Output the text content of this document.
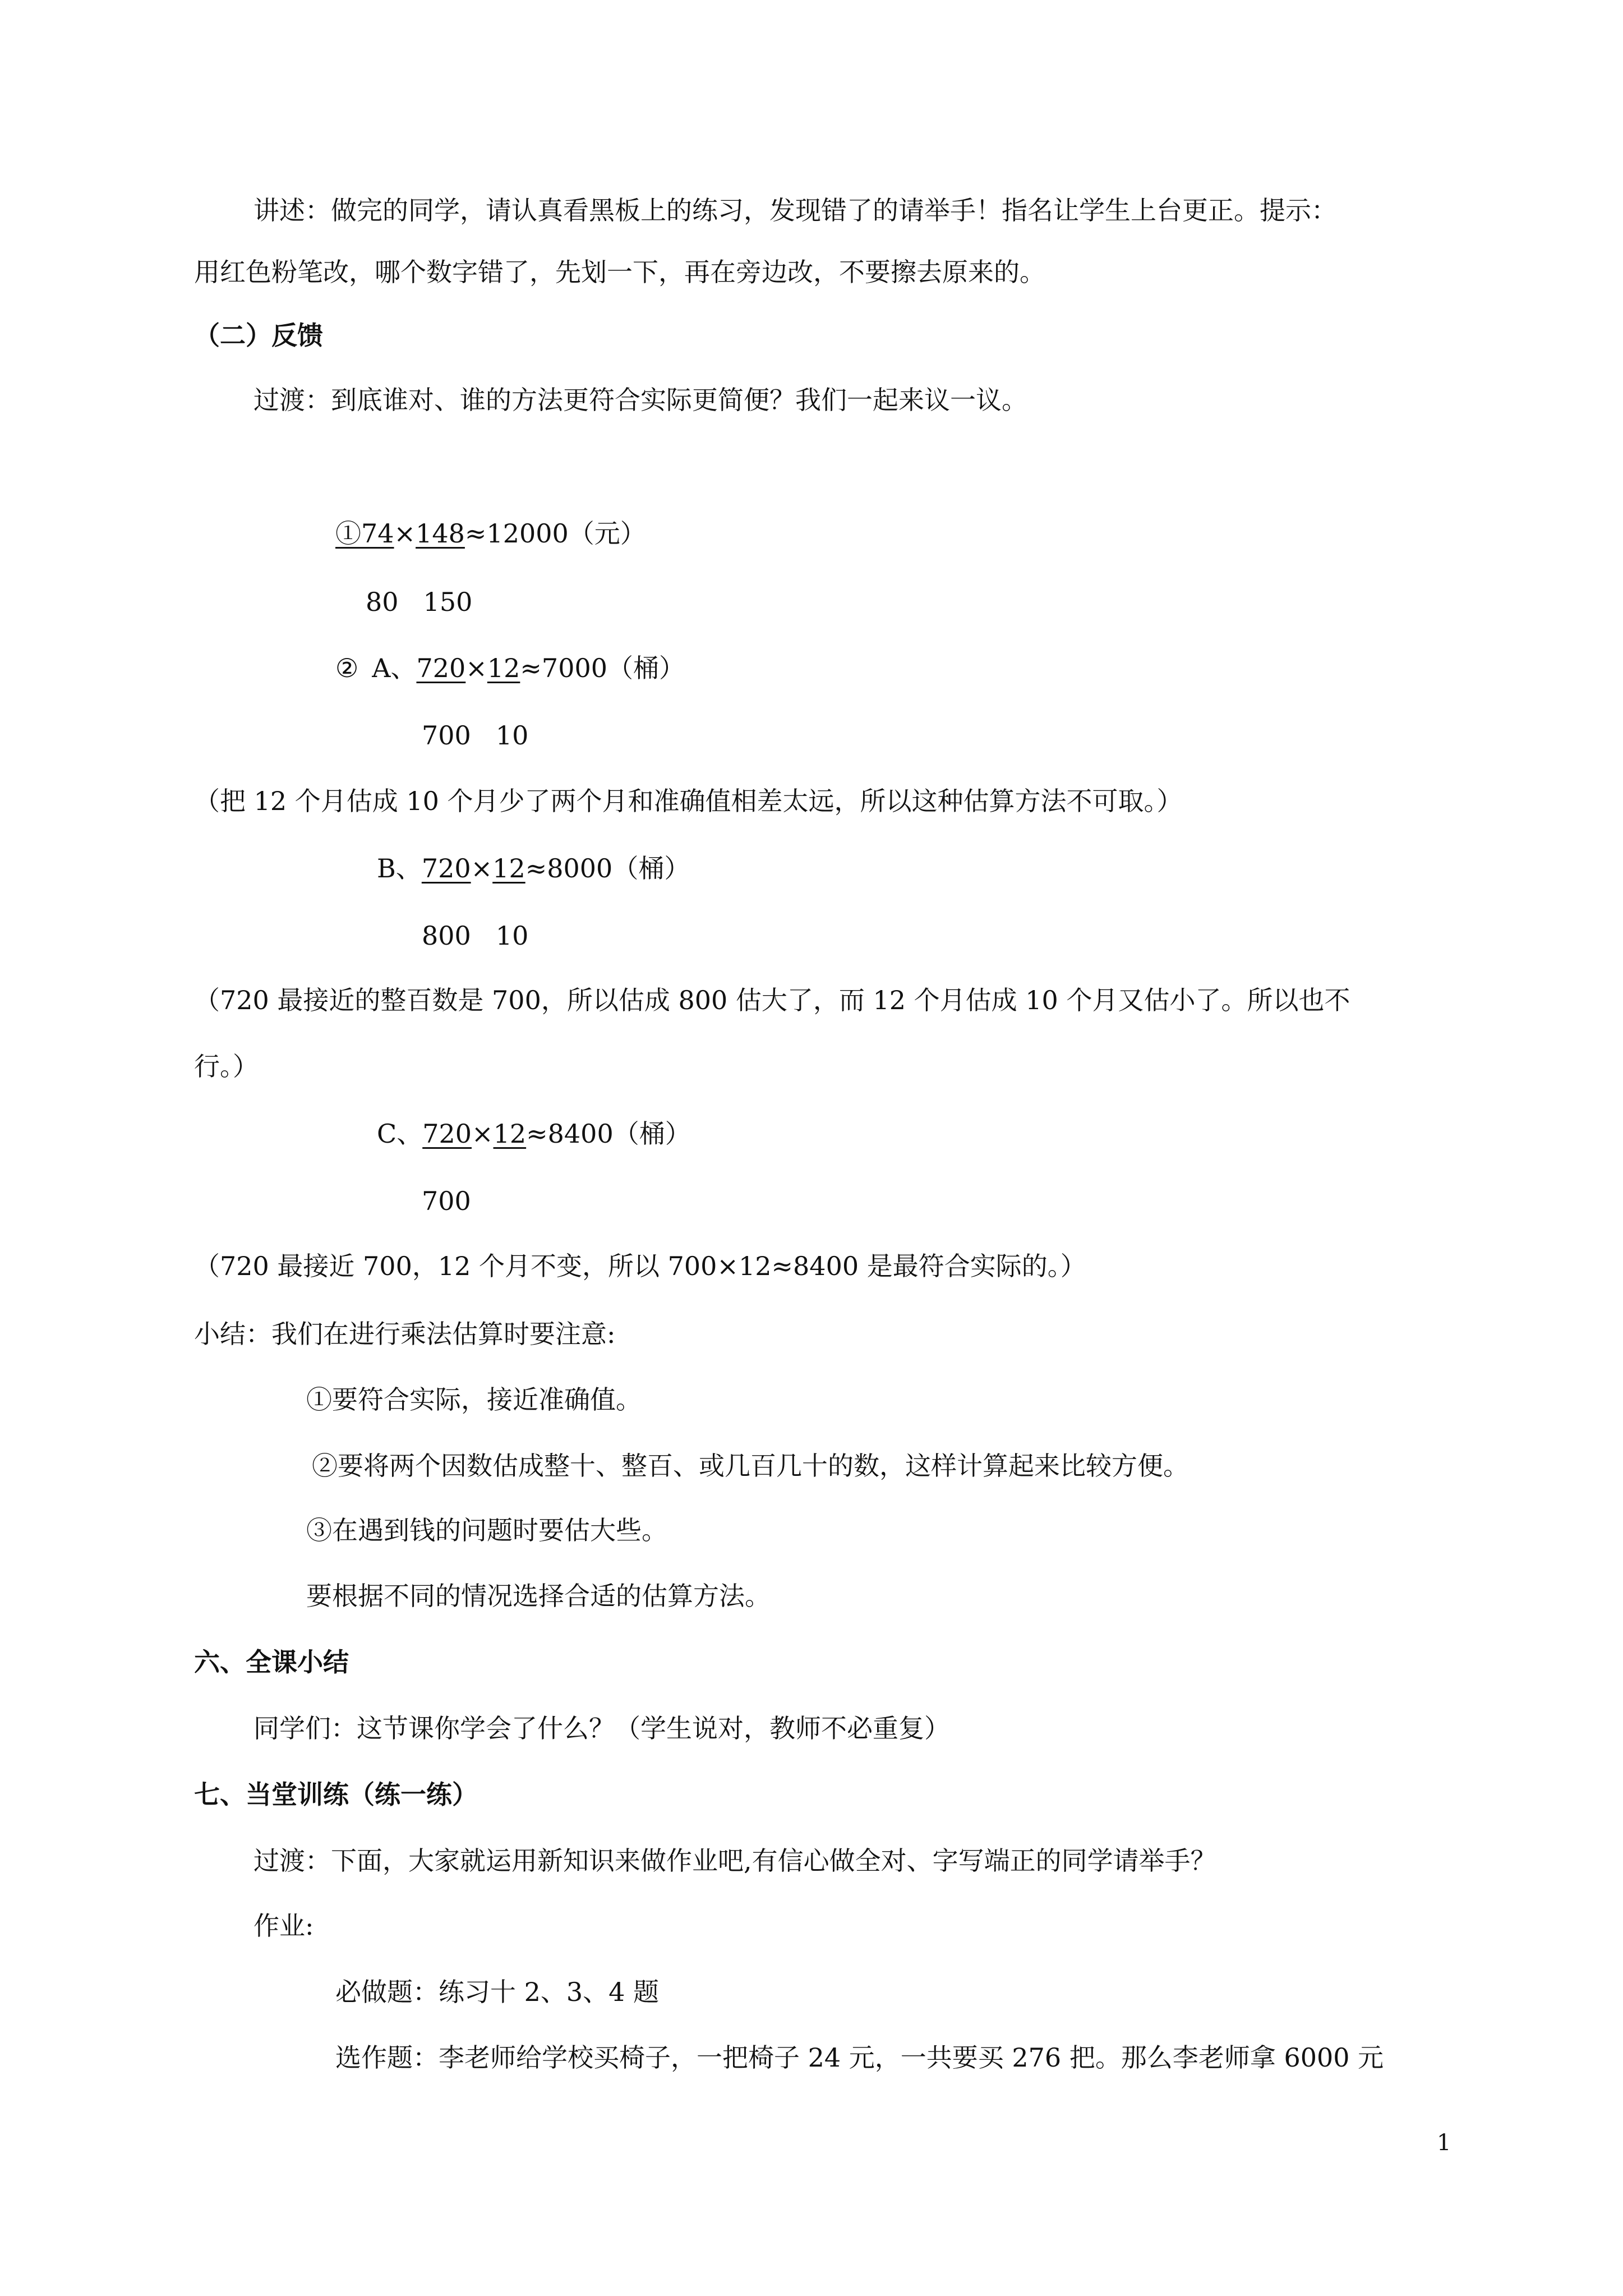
讲述：做完的同学，请认真看黑板上的练习，发现错了的请举手！指名让学生上台更正。提示：
用红色粉笔改，哪个数字错了，先划一下，再在旁边改，不要擦去原来的。
（二）反馈
过渡：到底谁对、谁的方法更符合实际更简便？我们一起来议一议。
①74×148≈12000（元）
80 150
② A、720×12≈7000（桶）
700 10
（把 12 个月估成 10 个月少了两个月和准确值相差太远，所以这种估算方法不可取。）
B、720×12≈8000（桶）
800 10
（720 最接近的整百数是 700，所以估成 800 估大了，而 12 个月估成 10 个月又估小了。所以也不
行。）
C、720×12≈8400（桶）
700
（720 最接近 700，12 个月不变，所以 700×12≈8400 是最符合实际的。）
小结：我们在进行乘法估算时要注意:
①要符合实际，接近准确值。
②要将两个因数估成整十、整百、或几百几十的数，这样计算起来比较方便。
③在遇到钱的问题时要估大些。
要根据不同的情况选择合适的估算方法。
六、全课小结
同学们：这节课你学会了什么？（学生说对，教师不必重复）
七、当堂训练（练一练）
过渡：下面，大家就运用新知识来做作业吧,有信心做全对、字写端正的同学请举手？
作业:
必做题：练习十 2、3、4 题
选作题：李老师给学校买椅子，一把椅子 24 元，一共要买 276 把。那么李老师拿 6000 元
1
